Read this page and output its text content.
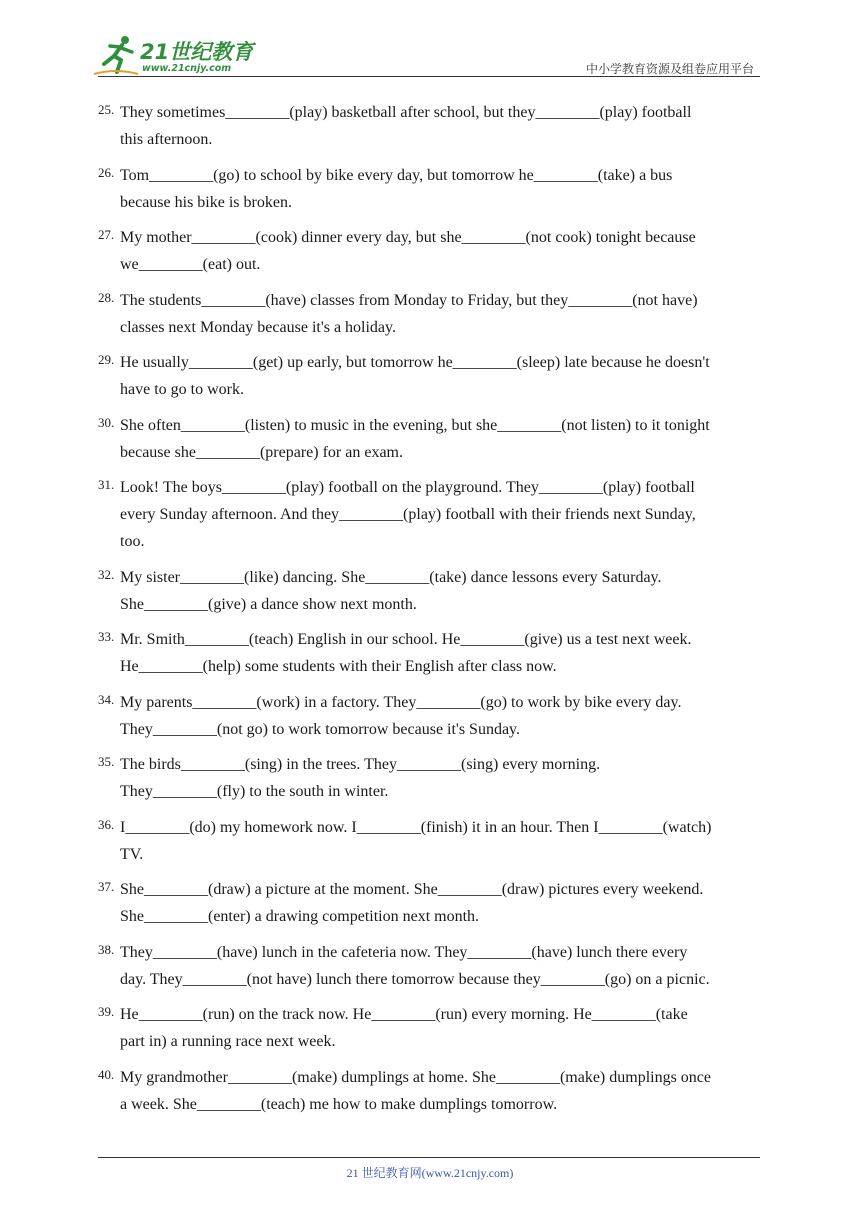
21世纪教育
www.21cnjy.com	中小学教育资源及组卷应用平台
25. They sometimes________(play) basketball after school, but they________(play) football
this afternoon.
26. Tom________(go) to school by bike every day, but tomorrow he________(take) a bus
because his bike is broken.
27. My mother________(cook) dinner every day, but she________(not cook) tonight because
we________(eat) out.
28. The students________(have) classes from Monday to Friday, but they________(not have)
classes next Monday because it's a holiday.
29. He usually________(get) up early, but tomorrow he________(sleep) late because he doesn't
have to go to work.
30. She often________(listen) to music in the evening, but she________(not listen) to it tonight
because she________(prepare) for an exam.
31. Look! The boys________(play) football on the playground. They________(play) football
every Sunday afternoon. And they________(play) football with their friends next Sunday,
too.
32. My sister________(like) dancing. She________(take) dance lessons every Saturday.
She________(give) a dance show next month.
33. Mr. Smith________(teach) English in our school. He________(give) us a test next week.
He________(help) some students with their English after class now.
34. My parents________(work) in a factory. They________(go) to work by bike every day.
They________(not go) to work tomorrow because it's Sunday.
35. The birds________(sing) in the trees. They________(sing) every morning.
They________(fly) to the south in winter.
36. I________(do) my homework now. I________(finish) it in an hour. Then I________(watch)
TV.
37. She________(draw) a picture at the moment. She________(draw) pictures every weekend.
She________(enter) a drawing competition next month.
38. They________(have) lunch in the cafeteria now. They________(have) lunch there every
day. They________(not have) lunch there tomorrow because they________(go) on a picnic.
39. He________(run) on the track now. He________(run) every morning. He________(take
part in) a running race next week.
40. My grandmother________(make) dumplings at home. She________(make) dumplings once
a week. She________(teach) me how to make dumplings tomorrow.
21 世纪教育网(www.21cnjy.com)
